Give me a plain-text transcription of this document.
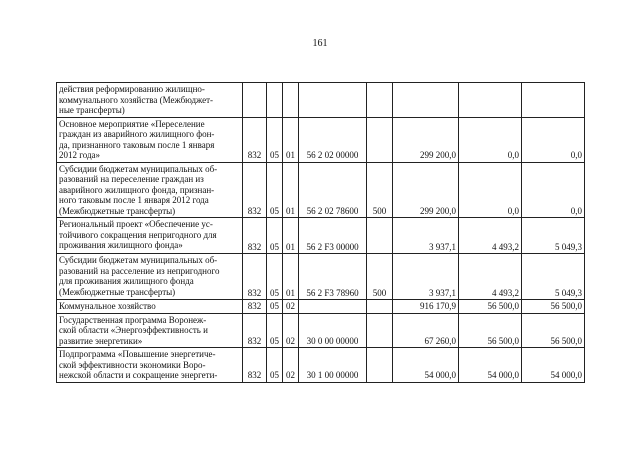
161
действия реформированию жилищно-
коммунального хозяйства (Межбюджет-
ные трансферты)								

Основное мероприятие «Переселение
граждан из аварийного жилищного фон-
да, признанного таковым после 1 января
2012 года»	832	05	01	56 2 02 00000		299 200,0	0,0	0,0

Субсидии бюджетам муниципальных об-
разований на переселение граждан из
аварийного жилищного фонда, признан-
ного таковым после 1 января 2012 года
(Межбюджетные трансферты)	832	05	01	56 2 02 78600	500	299 200,0	0,0	0,0

Региональный проект «Обеспечение ус-
тойчивого сокращения непригодного для
проживания жилищного фонда»	832	05	01	56 2 F3 00000		3 937,1	4 493,2	5 049,3

Субсидии бюджетам муниципальных об-
разований на расселение из непригодного
для проживания жилищного фонда
(Межбюджетные трансферты)	832	05	01	56 2 F3 78960	500	3 937,1	4 493,2	5 049,3

Коммунальное хозяйство	832	05	02			916 170,9	56 500,0	56 500,0

Государственная программа Воронеж-
ской области «Энергоэффективность и
развитие энергетики»	832	05	02	30 0 00 00000		67 260,0	56 500,0	56 500,0

Подпрограмма «Повышение энергетиче-
ской эффективности экономики Воро-
нежской области и сокращение энергети-	832	05	02	30 1 00 00000		54 000,0	54 000,0	54 000,0
